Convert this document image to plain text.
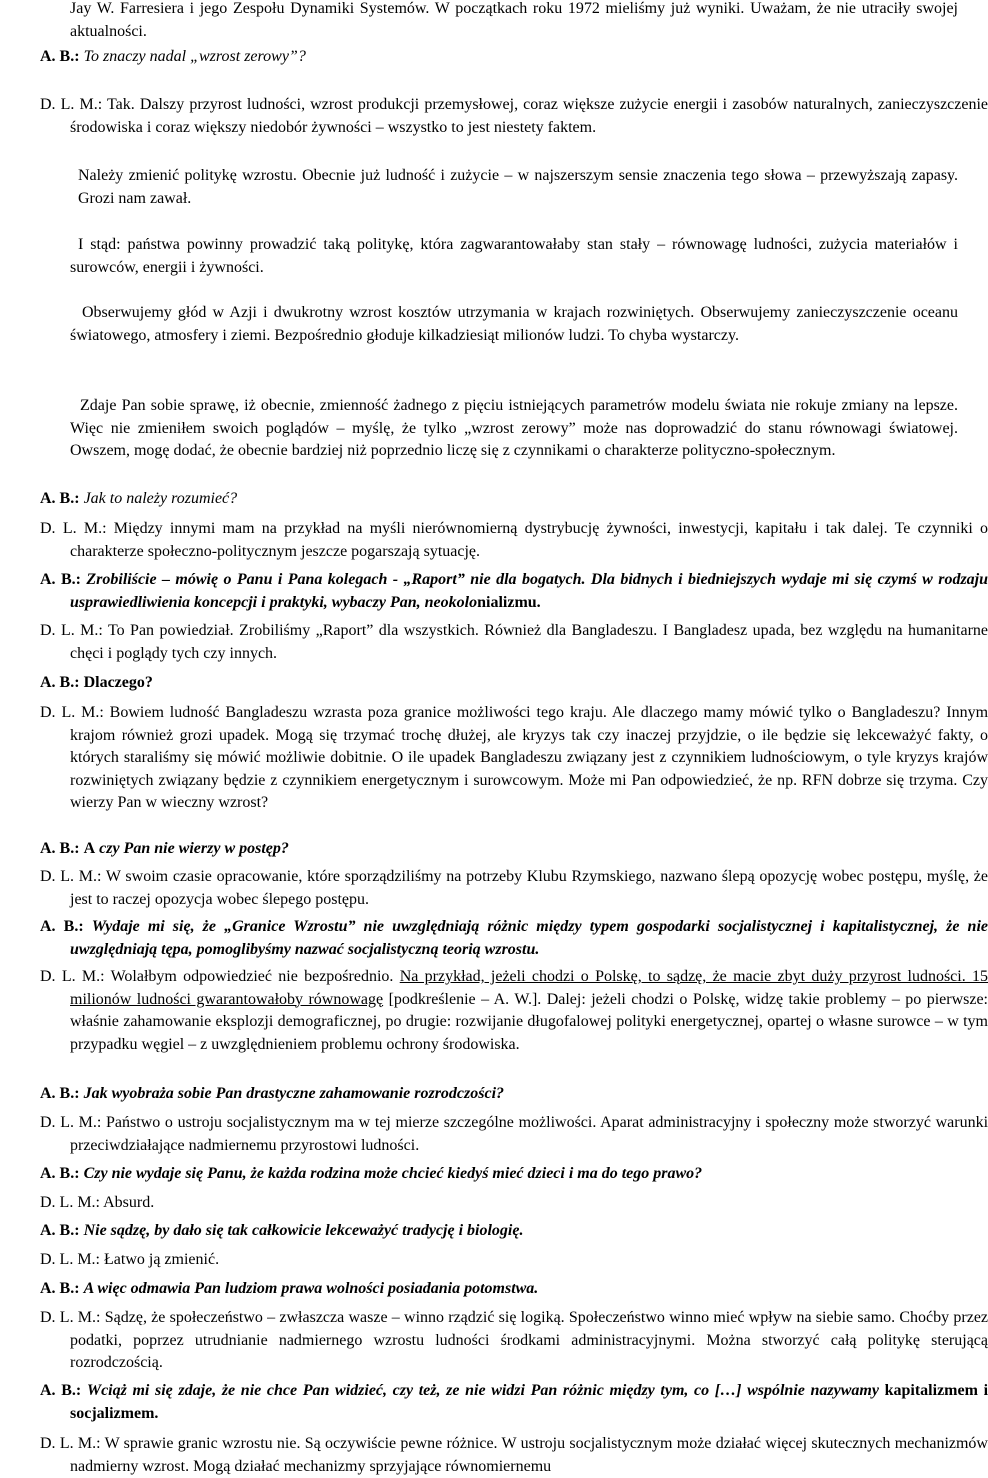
Jay W. Farresiera i jego Zespołu Dynamiki Systemów. W początkach roku 1972 mieliśmy już wyniki. Uważam, że nie utraciły swojej aktualności.

A. B.: To znaczy nadal „wzrost zerowy”?

D. L. M.: Tak. Dalszy przyrost ludności, wzrost produkcji przemysłowej, coraz większe zużycie energii i zasobów naturalnych, zanieczyszczenie środowiska i coraz większy niedobór żywności – wszystko to jest niestety faktem.

Należy zmienić politykę wzrostu. Obecnie już ludność i zużycie – w najszerszym sensie znaczenia tego słowa – przewyższają zapasy. Grozi nam zawał.

I stąd: państwa powinny prowadzić taką politykę, która zagwarantowałaby stan stały – równowagę ludności, zużycia materiałów i surowców, energii i żywności.

Obserwujemy głód w Azji i dwukrotny wzrost kosztów utrzymania w krajach rozwiniętych. Obserwujemy zanieczyszczenie oceanu światowego, atmosfery i ziemi. Bezpośrednio głoduje kilkadziesiąt milionów ludzi. To chyba wystarczy.

Zdaje Pan sobie sprawę, iż obecnie, zmienność żadnego z pięciu istniejących parametrów modelu świata nie rokuje zmiany na lepsze. Więc nie zmieniłem swoich poglądów – myślę, że tylko „wzrost zerowy” może nas doprowadzić do stanu równowagi światowej. Owszem, mogę dodać, że obecnie bardziej niż poprzednio liczę się z czynnikami o charakterze polityczno-społecznym.

A. B.: Jak to należy rozumieć?

D. L. M.: Między innymi mam na przykład na myśli nierównomierną dystrybucję żywności, inwestycji, kapitału i tak dalej. Te czynniki o charakterze społeczno-politycznym jeszcze pogarszają sytuację.

A. B.: Zrobiliście – mówię o Panu i Pana kolegach - „Raport” nie dla bogatych. Dla bidnych i biedniejszych wydaje mi się czymś w rodzaju usprawiedliwienia koncepcji i praktyki, wybaczy Pan, neokolonializmu.

D. L. M.: To Pan powiedział. Zrobiliśmy „Raport” dla wszystkich. Również dla Bangladeszu. I Bangladesz upada, bez względu na humanitarne chęci i poglądy tych czy innych.

A. B.: Dlaczego?

D. L. M.: Bowiem ludność Bangladeszu wzrasta poza granice możliwości tego kraju. Ale dlaczego mamy mówić tylko o Bangladeszu? Innym krajom również grozi upadek. Mogą się trzymać trochę dłużej, ale kryzys tak czy inaczej przyjdzie, o ile będzie się lekceważyć fakty, o których staraliśmy się mówić możliwie dobitnie. O ile upadek Bangladeszu związany jest z czynnikiem ludnościowym, o tyle kryzys krajów rozwiniętych związany będzie z czynnikiem energetycznym i surowcowym. Może mi Pan odpowiedzieć, że np. RFN dobrze się trzyma. Czy wierzy Pan w wieczny wzrost?

A. B.: A czy Pan nie wierzy w postęp?

D. L. M.: W swoim czasie opracowanie, które sporządziliśmy na potrzeby Klubu Rzymskiego, nazwano ślepą opozycję wobec postępu, myślę, że jest to raczej opozycja wobec ślepego postępu.

A. B.: Wydaje mi się, że „Granice Wzrostu” nie uwzględniają różnic między typem gospodarki socjalistycznej i kapitalistycznej, że nie uwzględniają tępa, pomoglibyśmy nazwać socjalistyczną teorią wzrostu.

D. L. M.: Wolałbym odpowiedzieć nie bezpośrednio. Na przykład, jeżeli chodzi o Polskę, to sądzę, że macie zbyt duży przyrost ludności. 15 milionów ludności gwarantowałoby równowagę [podkreślenie – A. W.]. Dalej: jeżeli chodzi o Polskę, widzę takie problemy – po pierwsze: właśnie zahamowanie eksplozji demograficznej, po drugie: rozwijanie długofalowej polityki energetycznej, opartej o własne surowce – w tym przypadku węgiel – z uwzględnieniem problemu ochrony środowiska.

A. B.: Jak wyobraża sobie Pan drastyczne zahamowanie rozrodczości?

D. L. M.: Państwo o ustroju socjalistycznym ma w tej mierze szczególne możliwości. Aparat administracyjny i społeczny może stworzyć warunki przeciwdziałające nadmiernemu przyrostowi ludności.

A. B.: Czy nie wydaje się Panu, że każda rodzina może chcieć kiedyś mieć dzieci i ma do tego prawo?

D. L. M.: Absurd.

A. B.: Nie sądzę, by dało się tak całkowicie lekceważyć tradycję i biologię.

D. L. M.: Łatwo ją zmienić.

A. B.: A więc odmawia Pan ludziom prawa wolności posiadania potomstwa.

D. L. M.: Sądzę, że społeczeństwo – zwłaszcza wasze – winno rządzić się logiką. Społeczeństwo winno mieć wpływ na siebie samo. Choćby przez podatki, poprzez utrudnianie nadmiernego wzrostu ludności środkami administracyjnymi. Można stworzyć całą politykę sterującą rozrodczością.

A. B.: Wciąż mi się zdaje, że nie chce Pan widzieć, czy też, ze nie widzi Pan różnic między tym, co […] wspólnie nazywamy kapitalizmem i socjalizmem.

D. L. M.: W sprawie granic wzrostu nie. Są oczywiście pewne różnice. W ustroju socjalistycznym może działać więcej skutecznych mechanizmów nadmierny wzrost. Mogą działać mechanizmy sprzyjające równomiernemu
